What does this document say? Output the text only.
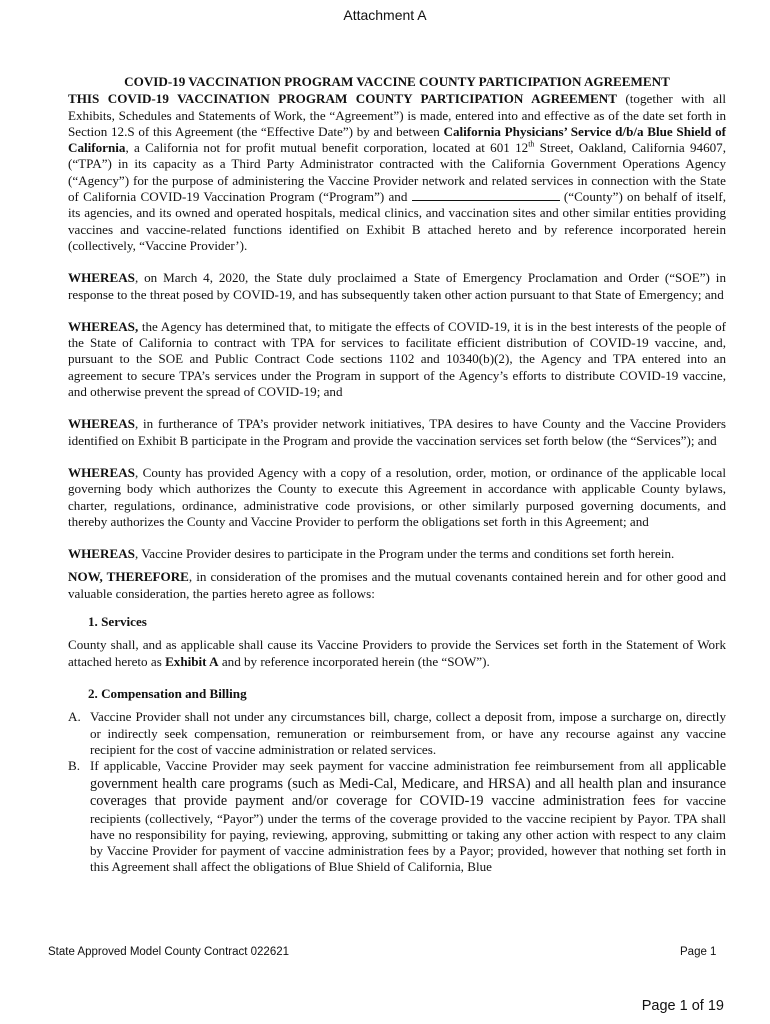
Attachment A
COVID-19 VACCINATION PROGRAM VACCINE COUNTY PARTICIPATION AGREEMENT

THIS COVID-19 VACCINATION PROGRAM COUNTY PARTICIPATION AGREEMENT (together with all Exhibits, Schedules and Statements of Work, the “Agreement”) is made, entered into and effective as of the date set forth in Section 12.S of this Agreement (the “Effective Date”) by and between California Physicians’ Service d/b/a Blue Shield of California, a California not for profit mutual benefit corporation, located at 601 12th Street, Oakland, California 94607, (“TPA”) in its capacity as a Third Party Administrator contracted with the California Government Operations Agency (“Agency”) for the purpose of administering the Vaccine Provider network and related services in connection with the State of California COVID-19 Vaccination Program (“Program”) and	(“County”) on behalf of itself, its agencies, and its owned and operated hospitals, medical clinics, and vaccination sites and other similar entities providing vaccines and vaccine-related functions identified on Exhibit B attached hereto and by reference incorporated herein (collectively, “Vaccine Provider’).

WHEREAS, on March 4, 2020, the State duly proclaimed a State of Emergency Proclamation and Order (“SOE”) in response to the threat posed by COVID-19, and has subsequently taken other action pursuant to that State of Emergency; and

WHEREAS, the Agency has determined that, to mitigate the effects of COVID-19, it is in the best interests of the people of the State of California to contract with TPA for services to facilitate efficient distribution of COVID-19 vaccine, and, pursuant to the SOE and Public Contract Code sections 1102 and 10340(b)(2), the Agency and TPA entered into an agreement to secure TPA’s services under the Program in support of the Agency’s efforts to distribute COVID-19 vaccine, and otherwise prevent the spread of COVID-19; and

WHEREAS, in furtherance of TPA’s provider network initiatives, TPA desires to have County and the Vaccine Providers identified on Exhibit B participate in the Program and provide the vaccination services set forth below (the “Services”); and

WHEREAS, County has provided Agency with a copy of a resolution, order, motion, or ordinance of the applicable local governing body which authorizes the County to execute this Agreement in accordance with applicable County bylaws, charter, regulations, ordinance, administrative code provisions, or other similarly purposed governing documents, and thereby authorizes the County and Vaccine Provider to perform the obligations set forth in this Agreement; and

WHEREAS, Vaccine Provider desires to participate in the Program under the terms and conditions set forth herein.

NOW, THEREFORE, in consideration of the promises and the mutual covenants contained herein and for other good and valuable consideration, the parties hereto agree as follows:

1. Services

County shall, and as applicable shall cause its Vaccine Providers to provide the Services set forth in the Statement of Work attached hereto as Exhibit A and by reference incorporated herein (the “SOW”).

2. Compensation and Billing
A. Vaccine Provider shall not under any circumstances bill, charge, collect a deposit from, impose a surcharge on, directly or indirectly seek compensation, remuneration or reimbursement from, or have any recourse against any vaccine recipient for the cost of vaccine administration or related services.
B. If applicable, Vaccine Provider may seek payment for vaccine administration fee reimbursement from all applicable government health care programs (such as Medi-Cal, Medicare, and HRSA) and all health plan and insurance coverages that provide payment and/or coverage for COVID-19 vaccine administration fees for vaccine recipients (collectively, “Payor”) under the terms of the coverage provided to the vaccine recipient by Payor. TPA shall have no responsibility for paying, reviewing, approving, submitting or taking any other action with respect to any claim by Vaccine Provider for payment of vaccine administration fees by a Payor; provided, however that nothing set forth in this Agreement shall affect the obligations of Blue Shield of California, Blue
State Approved Model County Contract 022621	Page 1
Page 1 of 19
